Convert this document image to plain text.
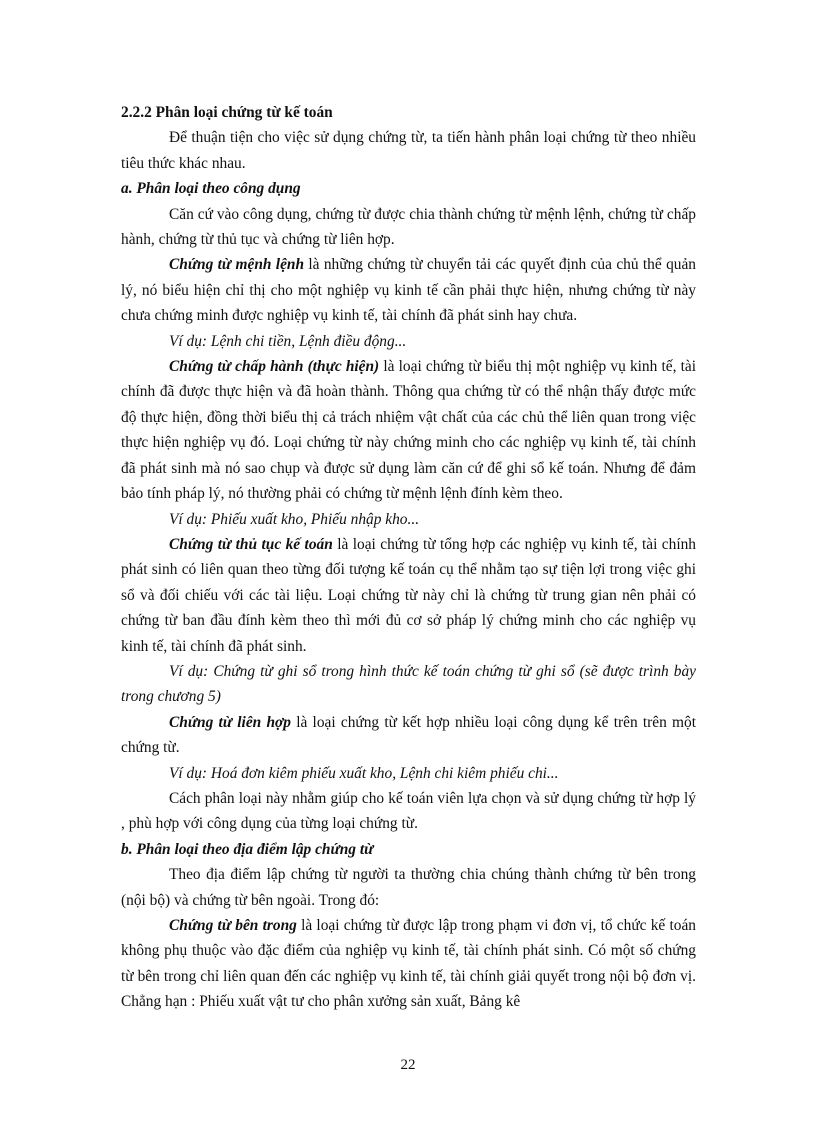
2.2.2 Phân loại chứng từ kế toán

Để thuận tiện cho việc sử dụng chứng từ, ta tiến hành phân loại chứng từ theo nhiều tiêu thức khác nhau.

a. Phân loại theo công dụng

Căn cứ vào công dụng, chứng từ được chia thành chứng từ mệnh lệnh, chứng từ chấp hành, chứng từ thủ tục và chứng từ liên hợp.

Chứng từ mệnh lệnh là những chứng từ chuyển tải các quyết định của chủ thể quản lý, nó biểu hiện chỉ thị cho một nghiệp vụ kinh tế cần phải thực hiện, nhưng chứng từ này chưa chứng minh được nghiệp vụ kinh tế, tài chính đã phát sinh hay chưa.

Ví dụ: Lệnh chi tiền, Lệnh điều động...

Chứng từ chấp hành (thực hiện) là loại chứng từ biểu thị một nghiệp vụ kinh tế, tài chính đã được thực hiện và đã hoàn thành. Thông qua chứng từ có thể nhận thấy được mức độ thực hiện, đồng thời biểu thị cả trách nhiệm vật chất của các chủ thể liên quan trong việc thực hiện nghiệp vụ đó. Loại chứng từ này chứng minh cho các nghiệp vụ kinh tế, tài chính đã phát sinh mà nó sao chụp và được sử dụng làm căn cứ để ghi sổ kế toán. Nhưng để đảm bảo tính pháp lý, nó thường phải có chứng từ mệnh lệnh đính kèm theo.

Ví dụ: Phiếu xuất kho, Phiếu nhập kho...

Chứng từ thủ tục kế toán là loại chứng từ tổng hợp các nghiệp vụ kinh tế, tài chính phát sinh có liên quan theo từng đối tượng kế toán cụ thể nhằm tạo sự tiện lợi trong việc ghi sổ và đối chiếu với các tài liệu. Loại chứng từ này chỉ là chứng từ trung gian nên phải có chứng từ ban đầu đính kèm theo thì mới đủ cơ sở pháp lý chứng minh cho các nghiệp vụ kinh tế, tài chính đã phát sinh.

Ví dụ: Chứng từ ghi sổ trong hình thức kế toán chứng từ ghi sổ (sẽ được trình bày trong chương 5)

Chứng từ liên hợp là loại chứng từ kết hợp nhiều loại công dụng kể trên trên một chứng từ.

Ví dụ: Hoá đơn kiêm phiếu xuất kho, Lệnh chi kiêm phiếu chi...

Cách phân loại này nhằm giúp cho kế toán viên lựa chọn và sử dụng chứng từ hợp lý , phù hợp với công dụng của từng loại chứng từ.

b. Phân loại theo địa điểm lập chứng từ

Theo địa điểm lập chứng từ người ta thường chia chúng thành chứng từ bên trong (nội bộ) và chứng từ bên ngoài. Trong đó:

Chứng từ bên trong là loại chứng từ được lập trong phạm vi đơn vị, tổ chức kế toán không phụ thuộc vào đặc điểm của nghiệp vụ kinh tế, tài chính phát sinh. Có một số chứng từ bên trong chỉ liên quan đến các nghiệp vụ kinh tế, tài chính giải quyết trong nội bộ đơn vị. Chẳng hạn : Phiếu xuất vật tư cho phân xưởng sản xuất, Bảng kê

22
